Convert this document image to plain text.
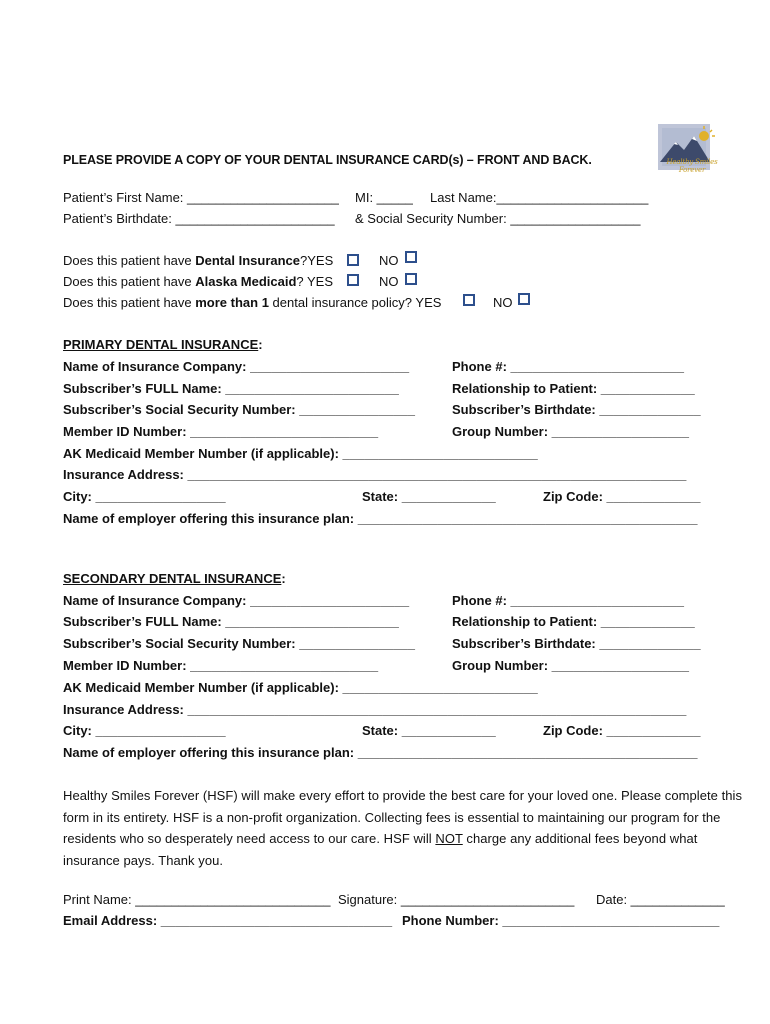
Healthy Smiles Forever
PLEASE PROVIDE A COPY OF YOUR DENTAL INSURANCE CARD(s) – FRONT AND BACK.
Patient’s First Name: _____________________ MI: _____ Last Name:_____________________
Patient’s Birthdate: ______________________ & Social Security Number: __________________
Does this patient have Dental Insurance?YES	NO
Does this patient have Alaska Medicaid? YES	NO
Does this patient have more than 1 dental insurance policy? YES	NO
PRIMARY DENTAL INSURANCE:
Name of Insurance Company: ______________________	Phone #: ________________________
Subscriber’s FULL Name: ________________________	Relationship to Patient: _____________
Subscriber’s Social Security Number: ________________	Subscriber’s Birthdate: ______________
Member ID Number: __________________________	Group Number: ___________________
AK Medicaid Member Number (if applicable): ___________________________
Insurance Address: _____________________________________________________________________
City: __________________	State: _____________	Zip Code: _____________
Name of employer offering this insurance plan: _______________________________________________
SECONDARY DENTAL INSURANCE:
Name of Insurance Company: ______________________	Phone #: ________________________
Subscriber’s FULL Name: ________________________	Relationship to Patient: _____________
Subscriber’s Social Security Number: ________________	Subscriber’s Birthdate: ______________
Member ID Number: __________________________	Group Number: ___________________
AK Medicaid Member Number (if applicable): ___________________________
Insurance Address: _____________________________________________________________________
City: __________________	State: _____________	Zip Code: _____________
Name of employer offering this insurance plan: _______________________________________________
Healthy Smiles Forever (HSF) will make every effort to provide the best care for your loved one. Please complete this form in its entirety. HSF is a non-profit organization. Collecting fees is essential to maintaining our program for the residents who so desperately need access to our care. HSF will NOT charge any additional fees beyond what insurance pays. Thank you.
Print Name: ___________________________ Signature: ________________________ Date: _____________
Email Address: ________________________________ Phone Number: ______________________________
